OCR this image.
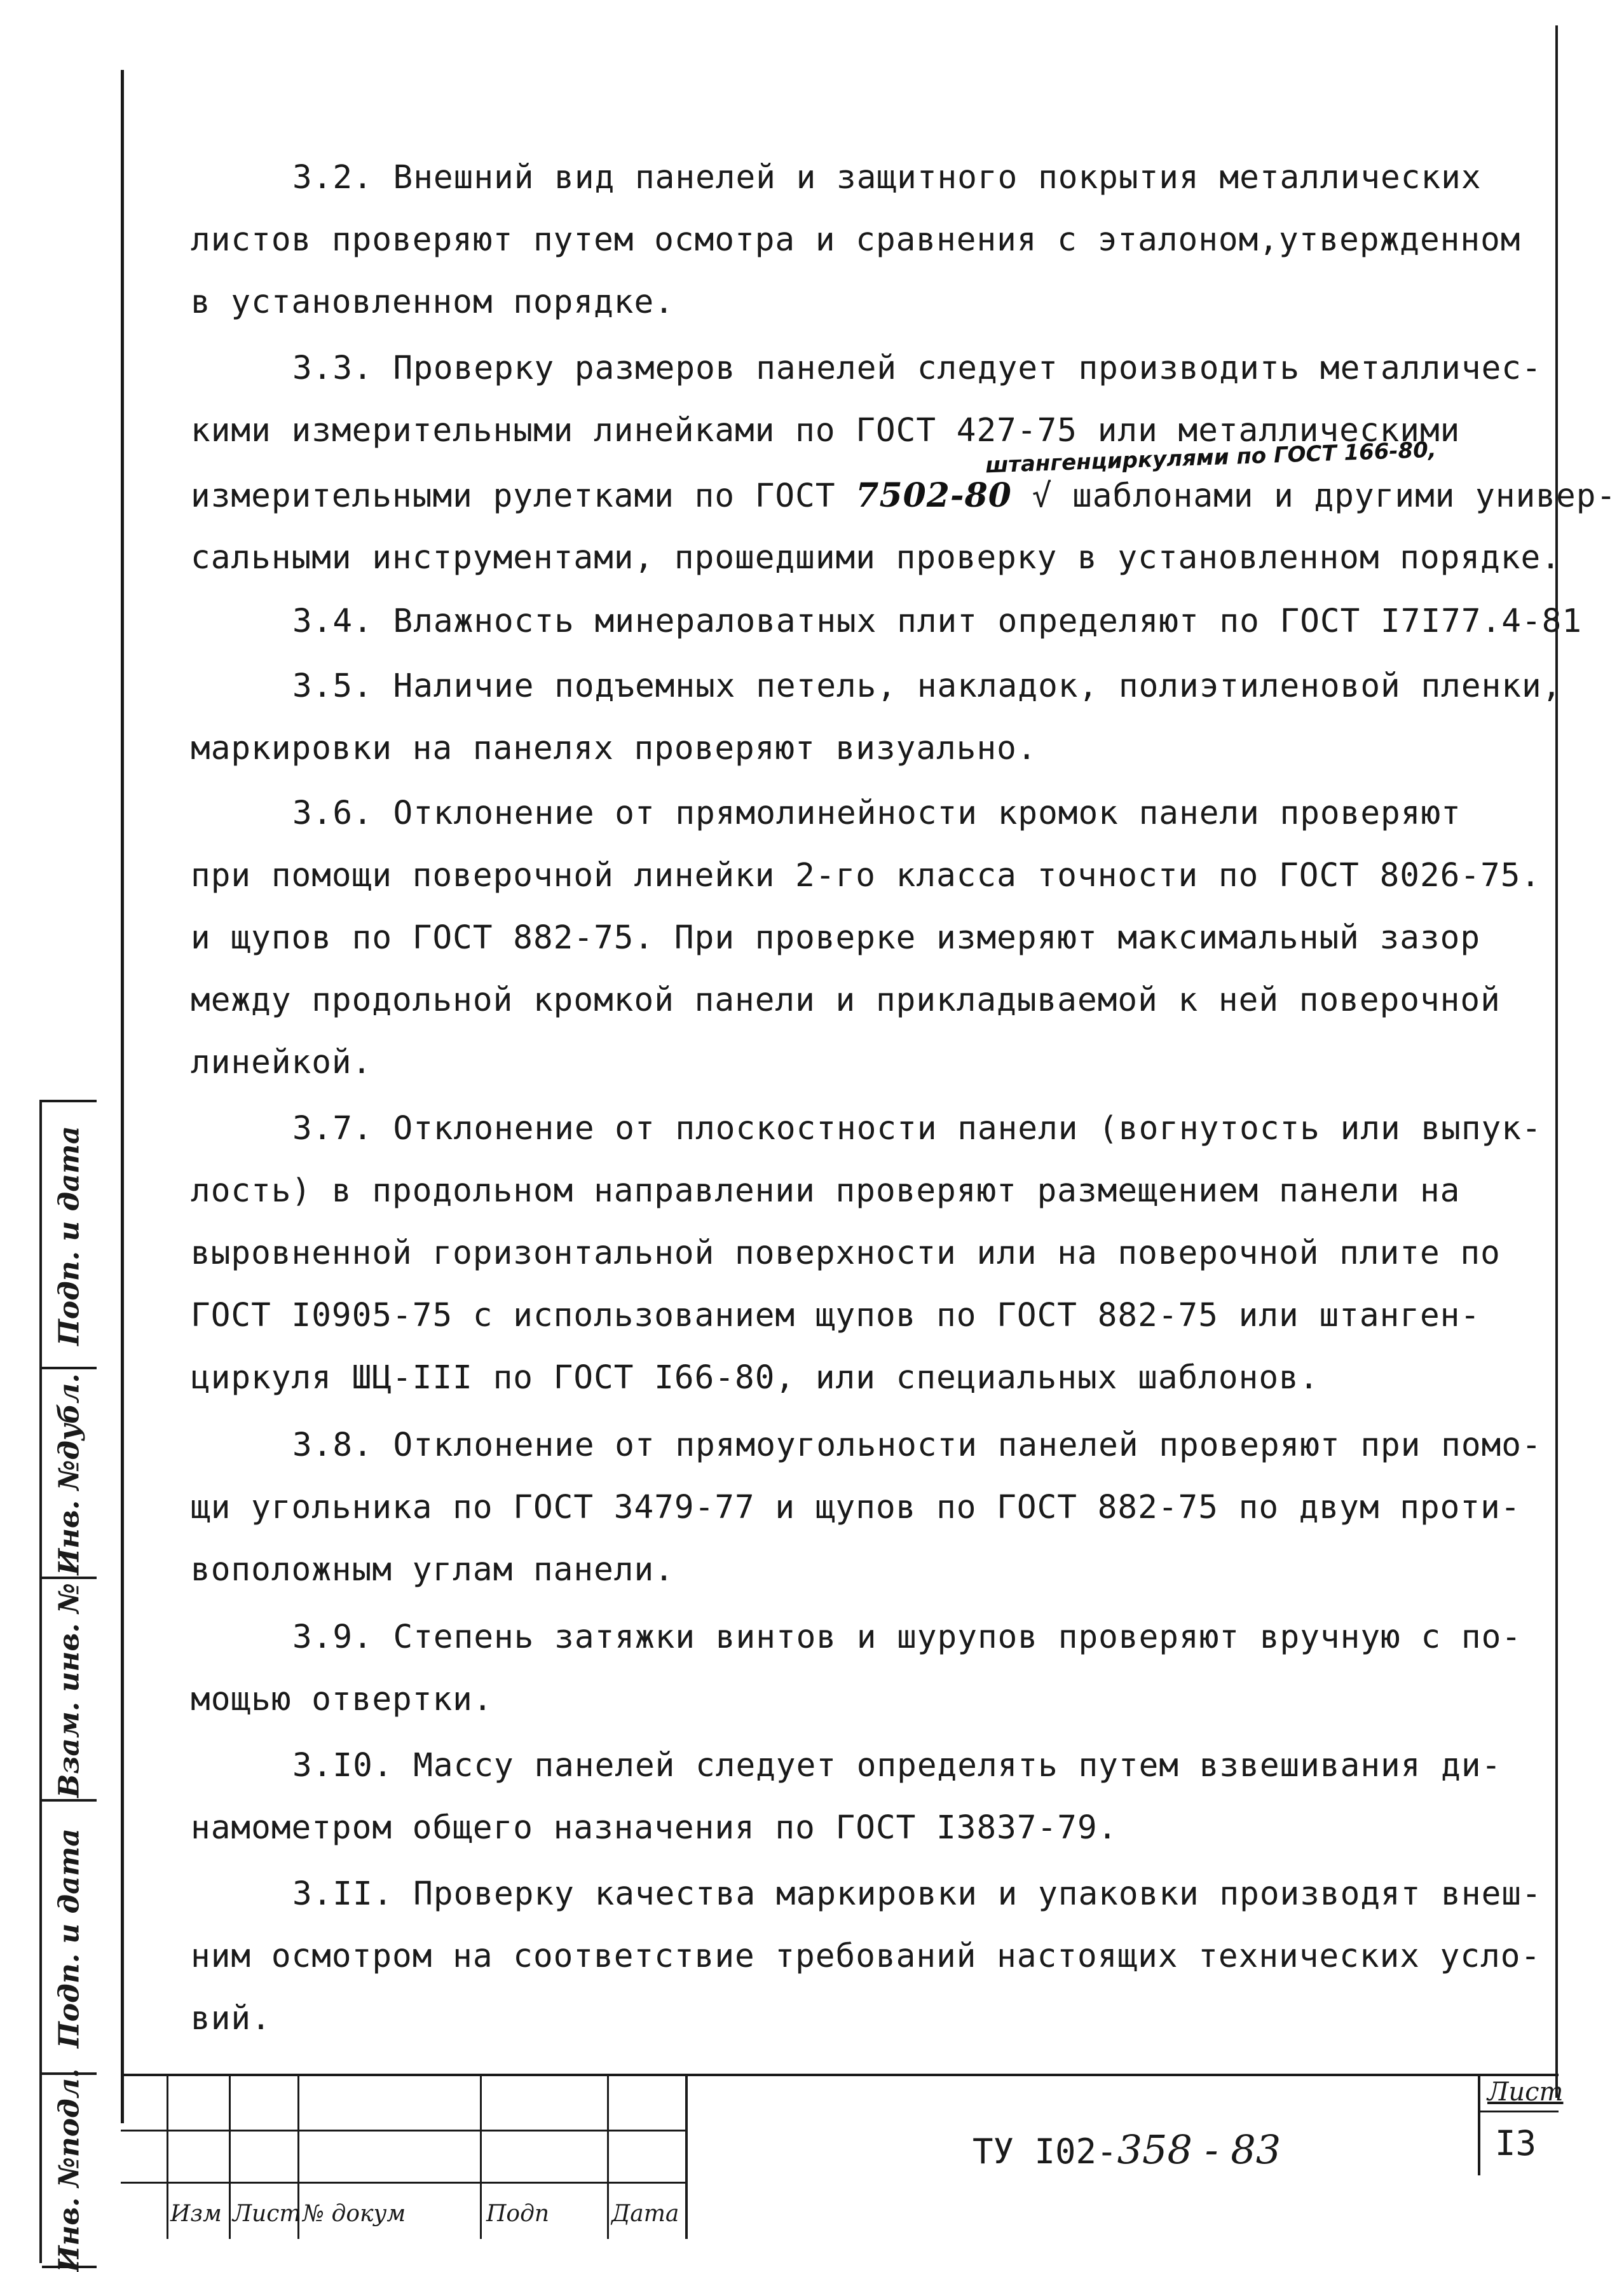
3.2. Внешний вид панелей и защитного покрытия металлических
листов проверяют путем осмотра и сравнения с эталоном,утвержденном
в установленном порядке.
3.3. Проверку размеров панелей следует производить металличес-
кими измерительными линейками по ГОСТ 427-75 или металлическими
штангенциркулями по ГОСТ 166-80,
измерительными рулетками по ГОСТ 7502-80 √ шаблонами и другими универ-
сальными инструментами, прошедшими проверку в установленном порядке.
3.4. Влажность минераловатных плит определяют по ГОСТ I7I77.4-81
3.5. Наличие подъемных петель, накладок, полиэтиленовой пленки,
маркировки на панелях проверяют визуально.
3.6. Отклонение от прямолинейности кромок панели проверяют
при помощи поверочной линейки 2-го класса точности по ГОСТ 8026-75.
и щупов по ГОСТ 882-75. При проверке измеряют максимальный зазор
между продольной кромкой панели и прикладываемой к ней поверочной
линейкой.
3.7. Отклонение от плоскостности панели (вогнутость или выпук-
лость) в продольном направлении проверяют размещением панели на
выровненной горизонтальной поверхности или на поверочной плите по
ГОСТ I0905-75 с использованием щупов по ГОСТ 882-75 или штанген-
циркуля ШЦ-III по ГОСТ I66-80, или специальных шаблонов.
3.8. Отклонение от прямоугольности панелей проверяют при помо-
щи угольника по ГОСТ 3479-77 и щупов по ГОСТ 882-75 по двум проти-
воположным углам панели.
3.9. Степень затяжки винтов и шурупов проверяют вручную с по-
мощью отвертки.
3.I0. Массу панелей следует определять путем взвешивания ди-
намометром общего назначения по ГОСТ I3837-79.
3.II. Проверку качества маркировки и упаковки производят внеш-
ним осмотром на соответствие требований настоящих технических усло-
вий.
Подп. и дата
Инв. №дубл.
Взам. инв. №
Подп. и дата
Инв. №подл.	Изм Лист № докум	Подп	Дата
ТУ I02-358 - 83
Лист
I3
